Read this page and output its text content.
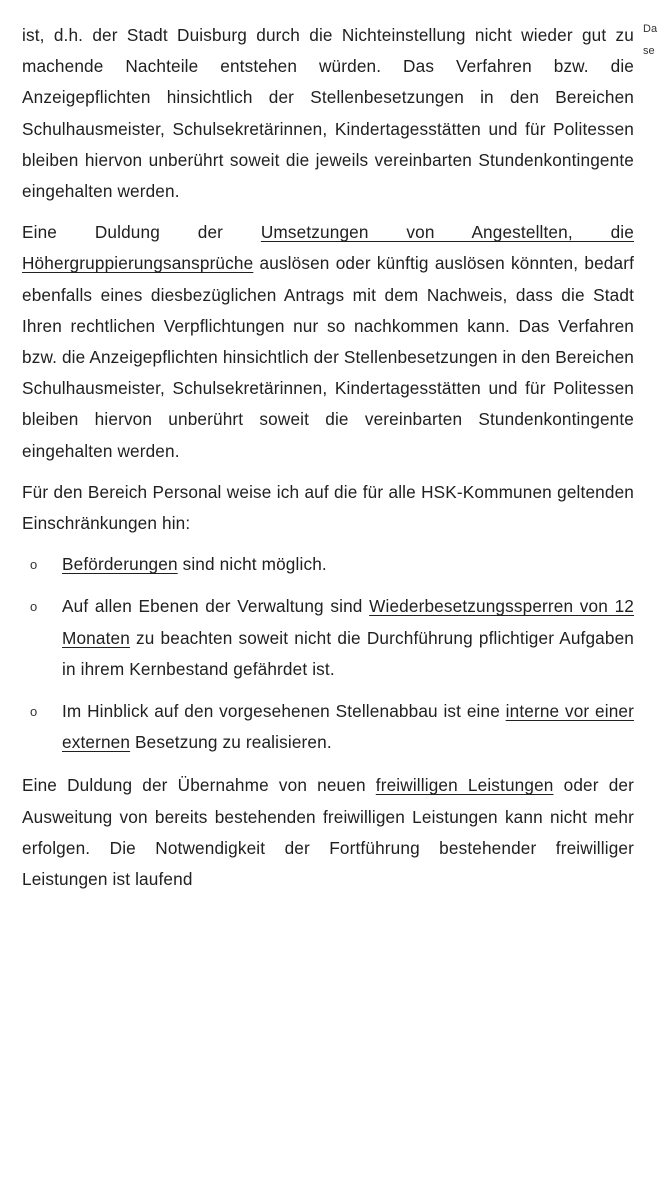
Da
se

ist, d.h. der Stadt Duisburg durch die Nichteinstellung nicht wieder gut zu machende Nachteile entstehen würden. Das Verfahren bzw. die Anzeigepflichten hinsichtlich der Stellenbesetzungen in den Bereichen Schulhausmeister, Schulsekretärinnen, Kindertagesstätten und für Politessen bleiben hiervon unberührt soweit die jeweils vereinbarten Stundenkontingente eingehalten werden.

Eine Duldung der Umsetzungen von Angestellten, die Höhergruppierungsansprüche auslösen oder künftig auslösen könnten, bedarf ebenfalls eines diesbezüglichen Antrags mit dem Nachweis, dass die Stadt Ihren rechtlichen Verpflichtungen nur so nachkommen kann. Das Verfahren bzw. die Anzeigepflichten hinsichtlich der Stellenbesetzungen in den Bereichen Schulhausmeister, Schulsekretärinnen, Kindertagesstätten und für Politessen bleiben hiervon unberührt soweit die vereinbarten Stundenkontingente eingehalten werden.

Für den Bereich Personal weise ich auf die für alle HSK-Kommunen geltenden Einschränkungen hin:

o Beförderungen sind nicht möglich.
o Auf allen Ebenen der Verwaltung sind Wiederbesetzungssperren von 12 Monaten zu beachten soweit nicht die Durchführung pflichtiger Aufgaben in ihrem Kernbestand gefährdet ist.
o Im Hinblick auf den vorgesehenen Stellenabbau ist eine interne vor einer externen Besetzung zu realisieren.

Eine Duldung der Übernahme von neuen freiwilligen Leistungen oder der Ausweitung von bereits bestehenden freiwilligen Leistungen kann nicht mehr erfolgen. Die Notwendigkeit der Fortführung bestehender freiwilliger Leistungen ist laufend
